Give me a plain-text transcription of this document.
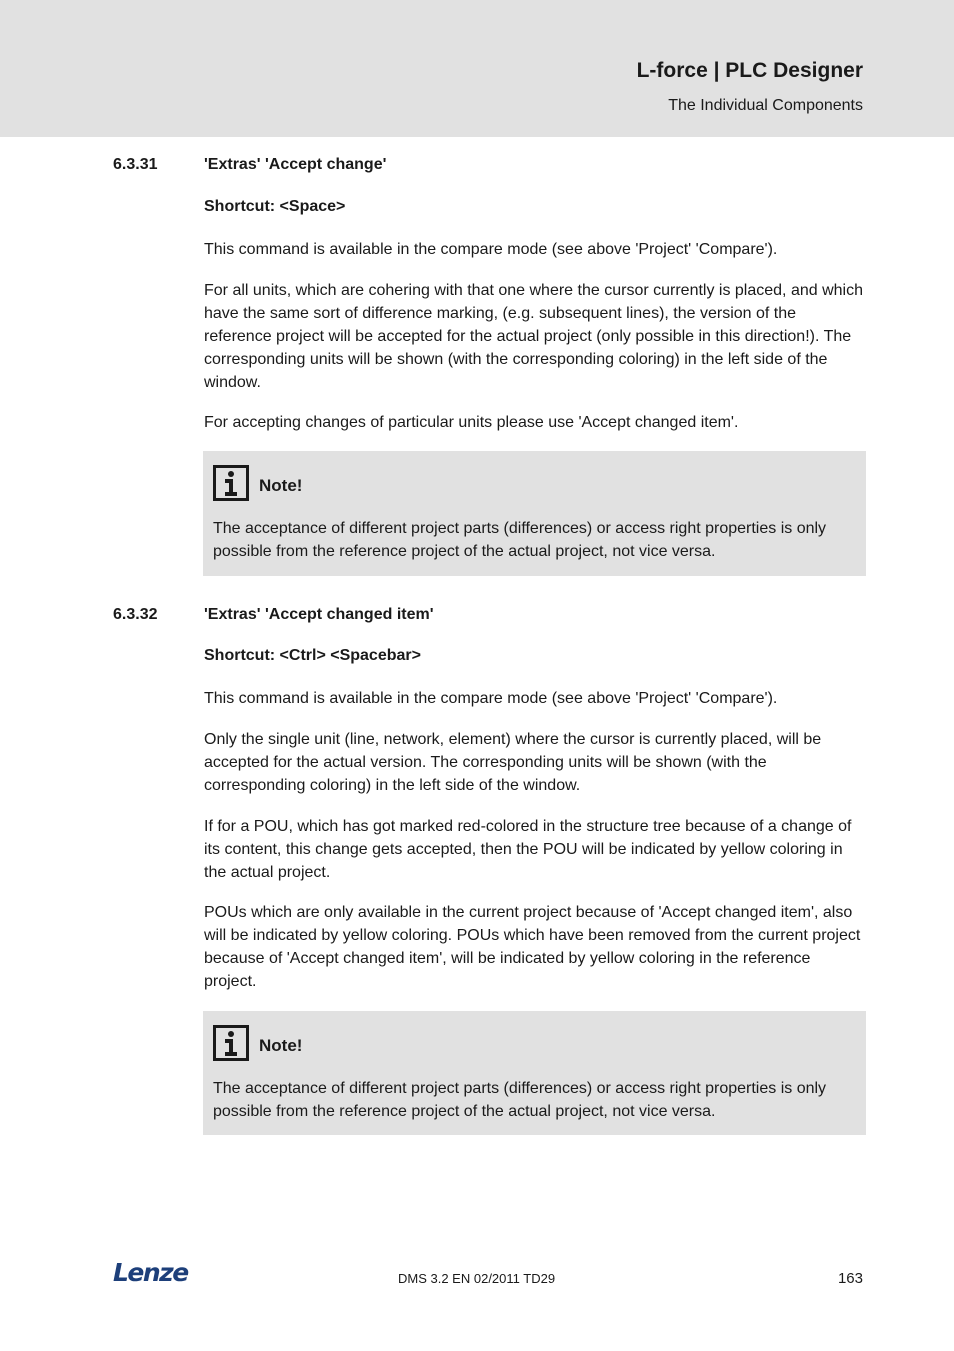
L-force | PLC Designer
The Individual Components
6.3.31	'Extras' 'Accept change'
Shortcut: <Space>

This command is available in the compare mode (see above 'Project' 'Compare').

For all units, which are cohering with that one where the cursor currently is placed, and which have the same sort of difference marking, (e.g. subsequent lines), the version of the reference project will be accepted for the actual project (only possible in this direction!). The corresponding units will be shown (with the corresponding coloring) in the left side of the window.

For accepting changes of particular units please use 'Accept changed item'.

Note!

The acceptance of different project parts (differences) or access right properties is only possible from the reference project of the actual project, not vice versa.

6.3.32	'Extras' 'Accept changed item'
Shortcut: <Ctrl> <Spacebar>

This command is available in the compare mode (see above 'Project' 'Compare').

Only the single unit (line, network, element) where the cursor is currently placed, will be accepted for the actual version. The corresponding units will be shown (with the corresponding coloring) in the left side of the window.

If for a POU, which has got marked red-colored in the structure tree because of a change of its content, this change gets accepted, then the POU will be indicated by yellow coloring in the actual project.

POUs which are only available in the current project because of 'Accept changed item', also will be indicated by yellow coloring. POUs which have been removed from the current project because of 'Accept changed item', will be indicated by yellow coloring in the reference project.

Note!

The acceptance of different project parts (differences) or access right properties is only possible from the reference project of the actual project, not vice versa.

Lenze	DMS 3.2 EN 02/2011 TD29	163
